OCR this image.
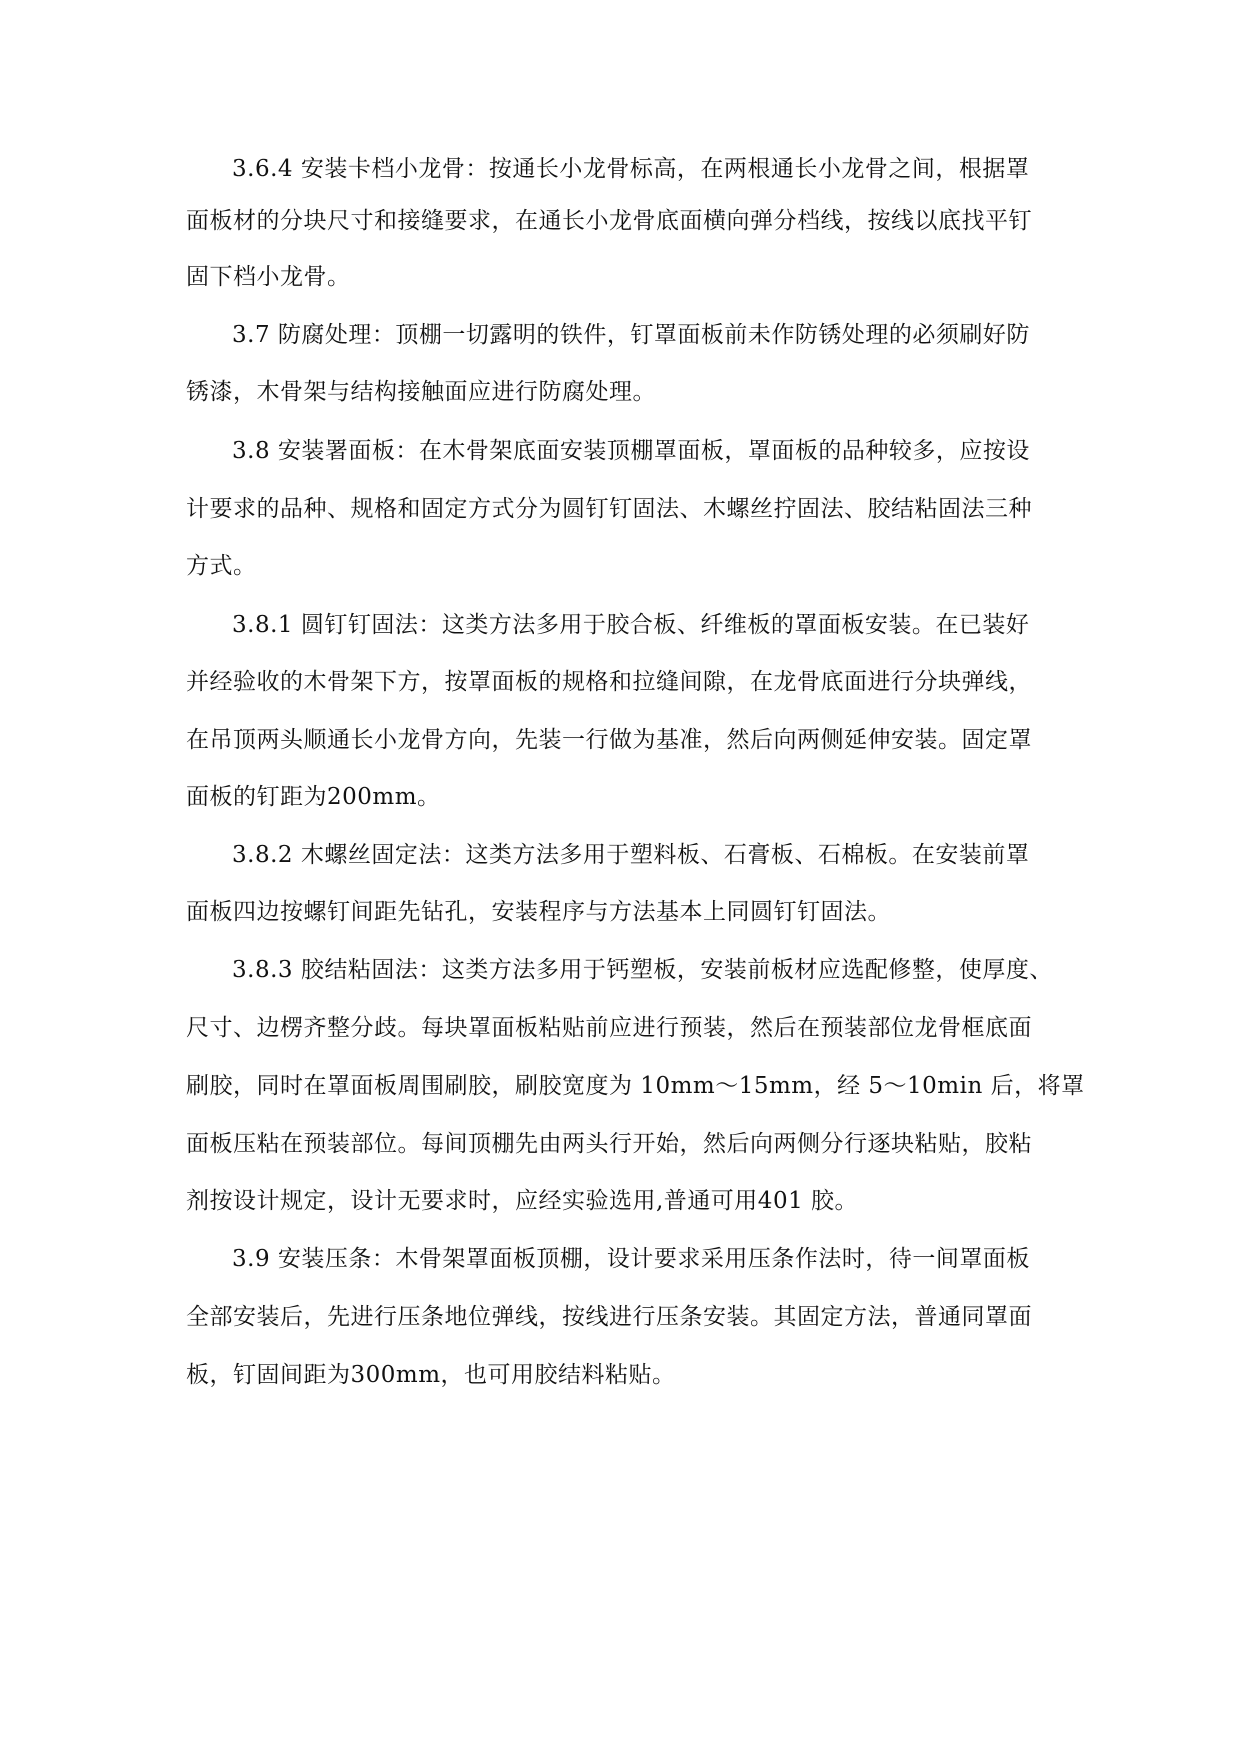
3.6.4 安装卡档小龙骨：按通长小龙骨标高，在两根通长小龙骨之间，根据罩
面板材的分块尺寸和接缝要求，在通长小龙骨底面横向弹分档线，按线以底找平钉
固下档小龙骨。
3.7 防腐处理：顶棚一切露明的铁件，钉罩面板前未作防锈处理的必须刷好防
锈漆，木骨架与结构接触面应进行防腐处理。
3.8 安装署面板：在木骨架底面安装顶棚罩面板，罩面板的品种较多，应按设
计要求的品种、规格和固定方式分为圆钉钉固法、木螺丝拧固法、胶结粘固法三种
方式。
3.8.1 圆钉钉固法：这类方法多用于胶合板、纤维板的罩面板安装。在已装好
并经验收的木骨架下方，按罩面板的规格和拉缝间隙，在龙骨底面进行分块弹线，
在吊顶两头顺通长小龙骨方向，先装一行做为基准，然后向两侧延伸安装。固定罩
面板的钉距为200mm。
3.8.2 木螺丝固定法：这类方法多用于塑料板、石膏板、石棉板。在安装前罩
面板四边按螺钉间距先钻孔，安装程序与方法基本上同圆钉钉固法。
3.8.3 胶结粘固法：这类方法多用于钙塑板，安装前板材应选配修整，使厚度、
尺寸、边楞齐整分歧。每块罩面板粘贴前应进行预装，然后在预装部位龙骨框底面
刷胶，同时在罩面板周围刷胶，刷胶宽度为 10mm～15mm，经 5～10min 后，将罩
面板压粘在预装部位。每间顶棚先由两头行开始，然后向两侧分行逐块粘贴，胶粘
剂按设计规定，设计无要求时，应经实验选用,普通可用401 胶。
3.9 安装压条：木骨架罩面板顶棚，设计要求采用压条作法时，待一间罩面板
全部安装后，先进行压条地位弹线，按线进行压条安装。其固定方法，普通同罩面
板，钉固间距为300mm，也可用胶结料粘贴。
